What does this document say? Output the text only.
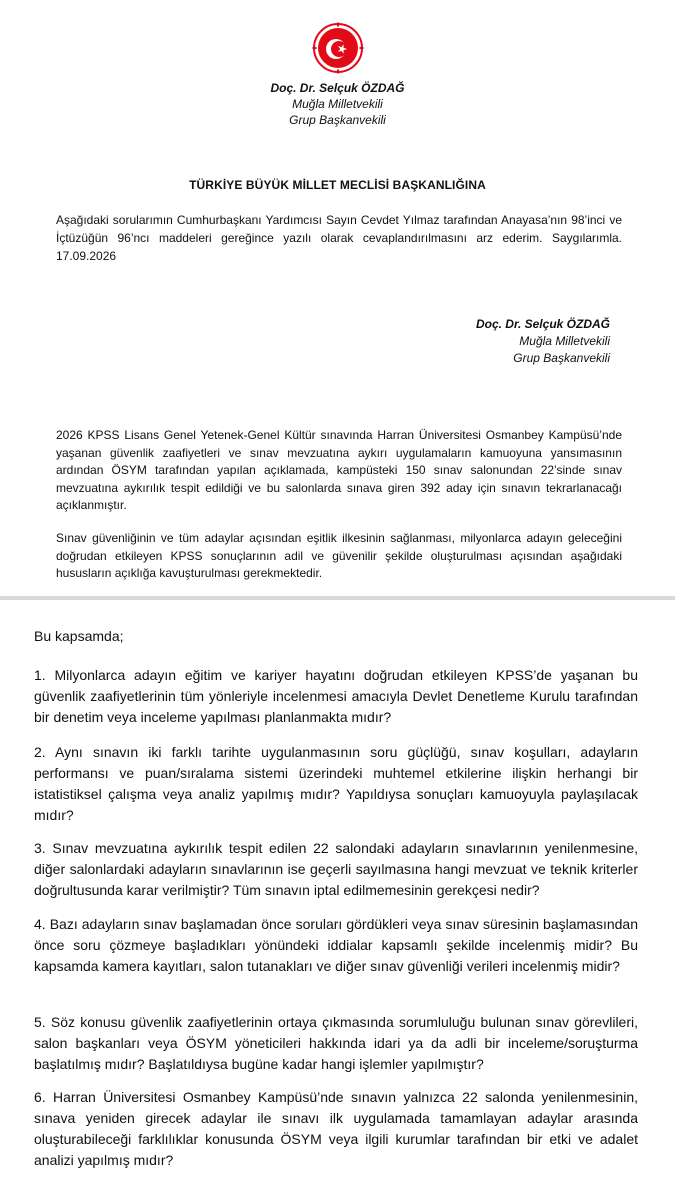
Doç. Dr. Selçuk ÖZDAĞ
Muğla Milletvekili
Grup Başkanvekili
TÜRKİYE BÜYÜK MİLLET MECLİSİ BAŞKANLIĞINA
Aşağıdaki sorularımın Cumhurbaşkanı Yardımcısı Sayın Cevdet Yılmaz tarafından Anayasa’nın 98’inci ve İçtüzüğün 96’ncı maddeleri gereğince yazılı olarak cevaplandırılmasını arz ederim. Saygılarımla. 17.09.2026
Doç. Dr. Selçuk ÖZDAĞ
Muğla Milletvekili
Grup Başkanvekili
2026 KPSS Lisans Genel Yetenek-Genel Kültür sınavında Harran Üniversitesi Osmanbey Kampüsü’nde yaşanan güvenlik zaafiyetleri ve sınav mevzuatına aykırı uygulamaların kamuoyuna yansımasının ardından ÖSYM tarafından yapılan açıklamada, kampüsteki 150 sınav salonundan 22’sinde sınav mevzuatına aykırılık tespit edildiği ve bu salonlarda sınava giren 392 aday için sınavın tekrarlanacağı açıklanmıştır.
Sınav güvenliğinin ve tüm adaylar açısından eşitlik ilkesinin sağlanması, milyonlarca adayın geleceğini doğrudan etkileyen KPSS sonuçlarının adil ve güvenilir şekilde oluşturulması açısından aşağıdaki hususların açıklığa kavuşturulması gerekmektedir.
Bu kapsamda;
1. Milyonlarca adayın eğitim ve kariyer hayatını doğrudan etkileyen KPSS’de yaşanan bu güvenlik zaafiyetlerinin tüm yönleriyle incelenmesi amacıyla Devlet Denetleme Kurulu tarafından bir denetim veya inceleme yapılması planlanmakta mıdır?
2. Aynı sınavın iki farklı tarihte uygulanmasının soru güçlüğü, sınav koşulları, adayların performansı ve puan/sıralama sistemi üzerindeki muhtemel etkilerine ilişkin herhangi bir istatistiksel çalışma veya analiz yapılmış mıdır? Yapıldıysa sonuçları kamuoyuyla paylaşılacak mıdır?
3. Sınav mevzuatına aykırılık tespit edilen 22 salondaki adayların sınavlarının yenilenmesine, diğer salonlardaki adayların sınavlarının ise geçerli sayılmasına hangi mevzuat ve teknik kriterler doğrultusunda karar verilmiştir? Tüm sınavın iptal edilmemesinin gerekçesi nedir?
4. Bazı adayların sınav başlamadan önce soruları gördükleri veya sınav süresinin başlamasından önce soru çözmeye başladıkları yönündeki iddialar kapsamlı şekilde incelenmiş midir? Bu kapsamda kamera kayıtları, salon tutanakları ve diğer sınav güvenliği verileri incelenmiş midir?
5. Söz konusu güvenlik zaafiyetlerinin ortaya çıkmasında sorumluluğu bulunan sınav görevlileri, salon başkanları veya ÖSYM yöneticileri hakkında idari ya da adli bir inceleme/soruşturma başlatılmış mıdır? Başlatıldıysa bugüne kadar hangi işlemler yapılmıştır?
6. Harran Üniversitesi Osmanbey Kampüsü’nde sınavın yalnızca 22 salonda yenilenmesinin, sınava yeniden girecek adaylar ile sınavı ilk uygulamada tamamlayan adaylar arasında oluşturabileceği farklılıklar konusunda ÖSYM veya ilgili kurumlar tarafından bir etki ve adalet analizi yapılmış mıdır?
